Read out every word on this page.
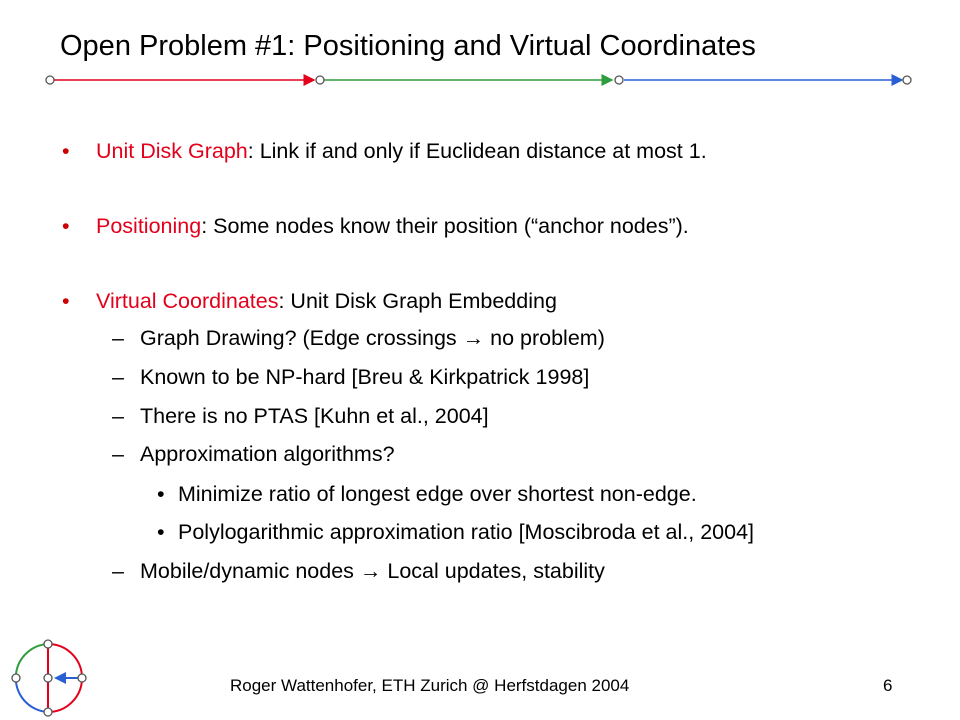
Open Problem #1: Positioning and Virtual Coordinates
• Unit Disk Graph: Link if and only if Euclidean distance at most 1.
• Positioning: Some nodes know their position (“anchor nodes”).
• Virtual Coordinates: Unit Disk Graph Embedding
– Graph Drawing? (Edge crossings → no problem)
– Known to be NP-hard [Breu & Kirkpatrick 1998]
– There is no PTAS [Kuhn et al., 2004]
– Approximation algorithms?
• Minimize ratio of longest edge over shortest non-edge.
• Polylogarithmic approximation ratio [Moscibroda et al., 2004]
– Mobile/dynamic nodes → Local updates, stability
Roger Wattenhofer, ETH Zurich @ Herfstdagen 2004	6
